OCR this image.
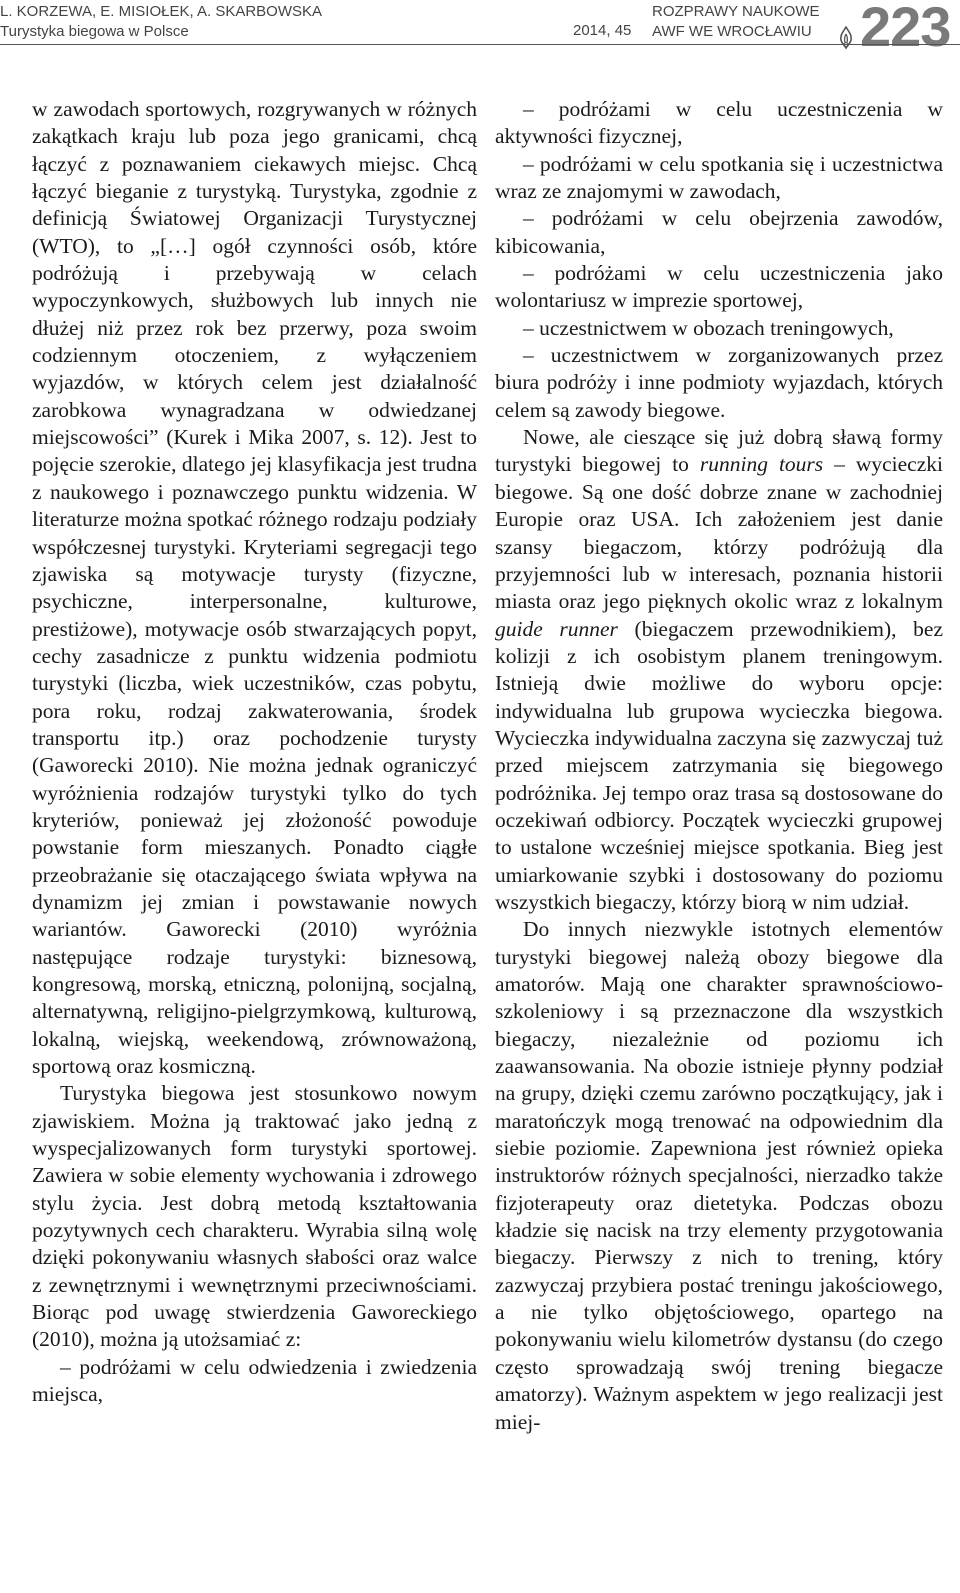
L. KORZEWA, E. MISIOŁEK, A. SKARBOWSKA
Turystyka biegowa w Polsce	2014, 45
ROZPRAWY NAUKOWE
AWF WE WROCŁAWIU 223

w zawodach sportowych, rozgrywanych w różnych zakątkach kraju lub poza jego granicami, chcą łączyć z poznawaniem ciekawych miejsc. Chcą łączyć bieganie z turystyką. Turystyka, zgodnie z definicją Światowej Organizacji Turystycznej (WTO), to „[…] ogół czynności osób, które podróżują i przebywają w celach wypoczynkowych, służbowych lub innych nie dłużej niż przez rok bez przerwy, poza swoim codziennym otoczeniem, z wyłączeniem wyjazdów, w których celem jest działalność zarobkowa wynagradzana w odwiedzanej miejscowości” (Kurek i Mika 2007, s. 12). Jest to pojęcie szerokie, dlatego jej klasyfikacja jest trudna z naukowego i poznawczego punktu widzenia. W literaturze można spotkać różnego rodzaju podziały współczesnej turystyki. Kryteriami segregacji tego zjawiska są motywacje turysty (fizyczne, psychiczne, interpersonalne, kulturowe, prestiżowe), motywacje osób stwarzających popyt, cechy zasadnicze z punktu widzenia podmiotu turystyki (liczba, wiek uczestników, czas pobytu, pora roku, rodzaj zakwaterowania, środek transportu itp.) oraz pochodzenie turysty (Gaworecki 2010). Nie można jednak ograniczyć wyróżnienia rodzajów turystyki tylko do tych kryteriów, ponieważ jej złożoność powoduje powstanie form mieszanych. Ponadto ciągłe przeobrażanie się otaczającego świata wpływa na dynamizm jej zmian i powstawanie nowych wariantów. Gaworecki (2010) wyróżnia następujące rodzaje turystyki: biznesową, kongresową, morską, etniczną, polonijną, socjalną, alternatywną, religijno-pielgrzymkową, kulturową, lokalną, wiejską, weekendową, zrównoważoną, sportową oraz kosmiczną.

Turystyka biegowa jest stosunkowo nowym zjawiskiem. Można ją traktować jako jedną z wyspecjalizowanych form turystyki sportowej. Zawiera w sobie elementy wychowania i zdrowego stylu życia. Jest dobrą metodą kształtowania pozytywnych cech charakteru. Wyrabia silną wolę dzięki pokonywaniu własnych słabości oraz walce z zewnętrznymi i wewnętrznymi przeciwnościami. Biorąc pod uwagę stwierdzenia Gaworeckiego (2010), można ją utożsamiać z:

– podróżami w celu odwiedzenia i zwiedzenia miejsca,

– podróżami w celu uczestniczenia w aktywności fizycznej,

– podróżami w celu spotkania się i uczestnictwa wraz ze znajomymi w zawodach,

– podróżami w celu obejrzenia zawodów, kibicowania,

– podróżami w celu uczestniczenia jako wolontariusz w imprezie sportowej,

– uczestnictwem w obozach treningowych,

– uczestnictwem w zorganizowanych przez biura podróży i inne podmioty wyjazdach, których celem są zawody biegowe.

Nowe, ale cieszące się już dobrą sławą formy turystyki biegowej to running tours – wycieczki biegowe. Są one dość dobrze znane w zachodniej Europie oraz USA. Ich założeniem jest danie szansy biegaczom, którzy podróżują dla przyjemności lub w interesach, poznania historii miasta oraz jego pięknych okolic wraz z lokalnym guide runner (biegaczem przewodnikiem), bez kolizji z ich osobistym planem treningowym. Istnieją dwie możliwe do wyboru opcje: indywidualna lub grupowa wycieczka biegowa. Wycieczka indywidualna zaczyna się zazwyczaj tuż przed miejscem zatrzymania się biegowego podróżnika. Jej tempo oraz trasa są dostosowane do oczekiwań odbiorcy. Początek wycieczki grupowej to ustalone wcześniej miejsce spotkania. Bieg jest umiarkowanie szybki i dostosowany do poziomu wszystkich biegaczy, którzy biorą w nim udział.

Do innych niezwykle istotnych elementów turystyki biegowej należą obozy biegowe dla amatorów. Mają one charakter sprawnościowo-szkoleniowy i są przeznaczone dla wszystkich biegaczy, niezależnie od poziomu ich zaawansowania. Na obozie istnieje płynny podział na grupy, dzięki czemu zarówno początkujący, jak i maratończyk mogą trenować na odpowiednim dla siebie poziomie. Zapewniona jest również opieka instruktorów różnych specjalności, nierzadko także fizjoterapeuty oraz dietetyka. Podczas obozu kładzie się nacisk na trzy elementy przygotowania biegaczy. Pierwszy z nich to trening, który zazwyczaj przybiera postać treningu jakościowego, a nie tylko objętościowego, opartego na pokonywaniu wielu kilometrów dystansu (do czego często sprowadzają swój trening biegacze amatorzy). Ważnym aspektem w jego realizacji jest miej-
